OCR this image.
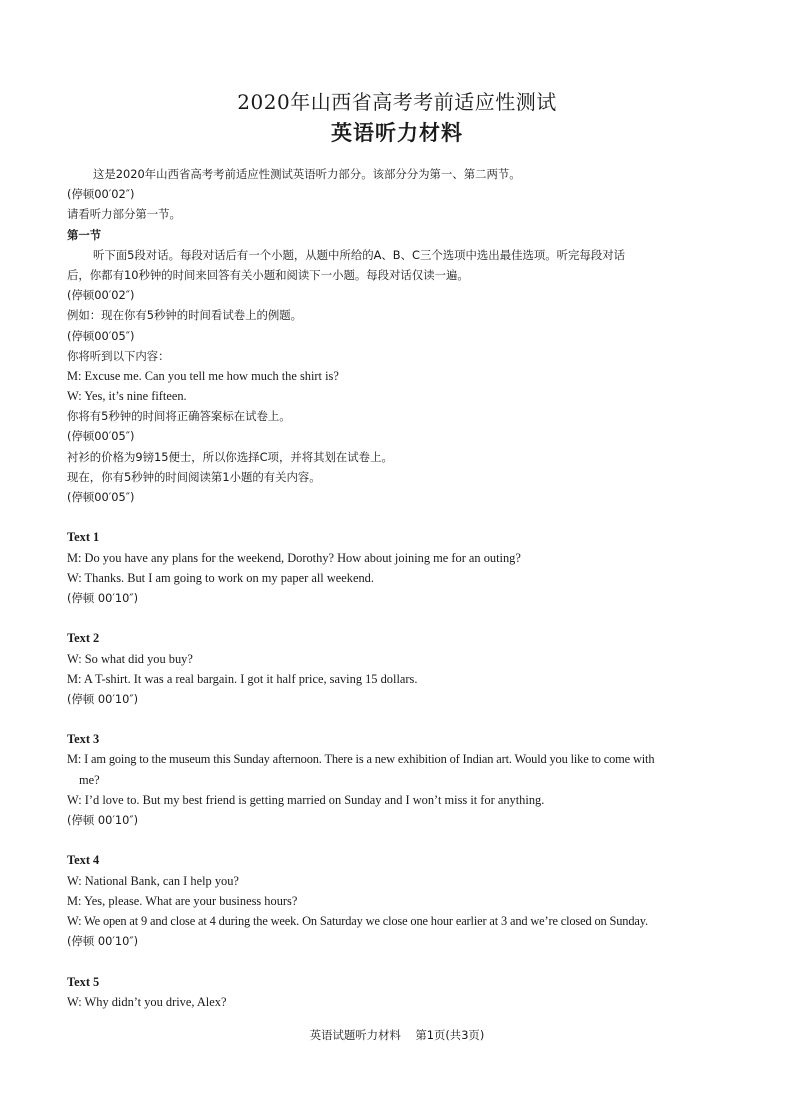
2020年山西省高考考前适应性测试
英语听力材料
这是2020年山西省高考考前适应性测试英语听力部分。该部分分为第一、第二两节。
(停顿00′02″)
请看听力部分第一节。
第一节
听下面5段对话。每段对话后有一个小题，从题中所给的A、B、C三个选项中选出最佳选项。听完每段对话
后，你都有10秒钟的时间来回答有关小题和阅读下一小题。每段对话仅读一遍。
(停顿00′02″)
例如：现在你有5秒钟的时间看试卷上的例题。
(停顿00′05″)
你将听到以下内容：
M: Excuse me. Can you tell me how much the shirt is?
W: Yes, it’s nine fifteen.
你将有5秒钟的时间将正确答案标在试卷上。
(停顿00′05″)
衬衫的价格为9镑15便士，所以你选择C项，并将其划在试卷上。
现在，你有5秒钟的时间阅读第1小题的有关内容。
(停顿00′05″)
Text 1
M: Do you have any plans for the weekend, Dorothy? How about joining me for an outing?
W: Thanks. But I am going to work on my paper all weekend.
(停顿 00′10″)
Text 2
W: So what did you buy?
M: A T-shirt. It was a real bargain. I got it half price, saving 15 dollars.
(停顿 00′10″)
Text 3
M: I am going to the museum this Sunday afternoon. There is a new exhibition of Indian art. Would you like to come with
me?
W: I’d love to. But my best friend is getting married on Sunday and I won’t miss it for anything.
(停顿 00′10″)
Text 4
W: National Bank, can I help you?
M: Yes, please. What are your business hours?
W: We open at 9 and close at 4 during the week. On Saturday we close one hour earlier at 3 and we’re closed on Sunday.
(停顿 00′10″)
Text 5
W: Why didn’t you drive, Alex?
英语试题听力材料    第1页(共3页)
